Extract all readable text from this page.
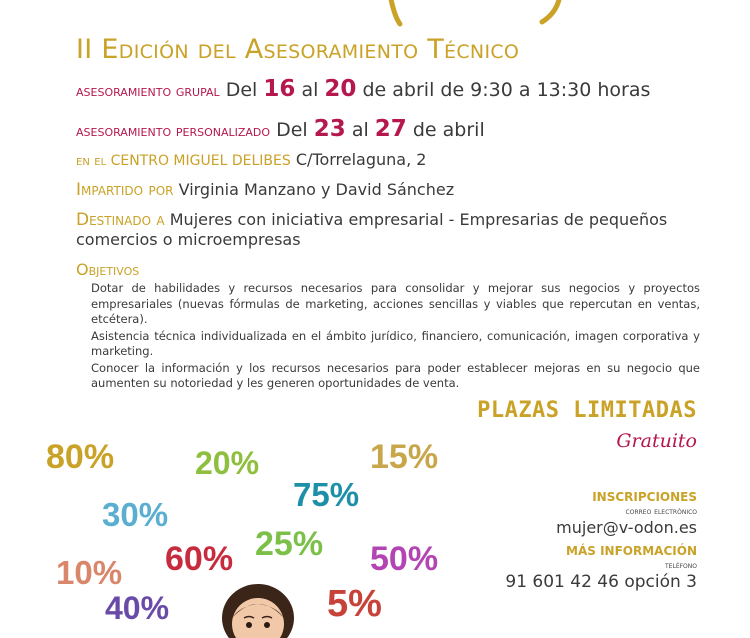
II Edición del Asesoramiento Técnico
asesoramiento grupal Del 16 al 20 de abril de 9:30 a 13:30 horas
asesoramiento personalizado Del 23 al 27 de abril
en el CENTRO MIGUEL DELIBES C/Torrelaguna, 2
Impartido por Virginia Manzano y David Sánchez
Destinado a Mujeres con iniciativa empresarial - Empresarias de pequeños comercios o microempresas
Objetivos
Dotar de habilidades y recursos necesarios para consolidar y mejorar sus negocios y proyectos empresariales (nuevas fórmulas de marketing, acciones sencillas y viables que repercutan en ventas, etcétera).
Asistencia técnica individualizada en el ámbito jurídico, financiero, comunicación, imagen corporativa y marketing.
Conocer la información y los recursos necesarios para poder establecer mejoras en su negocio que aumenten su notoriedad y les generen oportunidades de venta.
PLAZAS LIMITADAS
Gratuito
INSCRIPCIONES
correo electrónico
mujer@v-odon.es
MÁS INFORMACIÓN
teléfono
91 601 42 46 opción 3
80%	20%	15%
75%
30%
25%
60%	50%
10%
40%	5%
